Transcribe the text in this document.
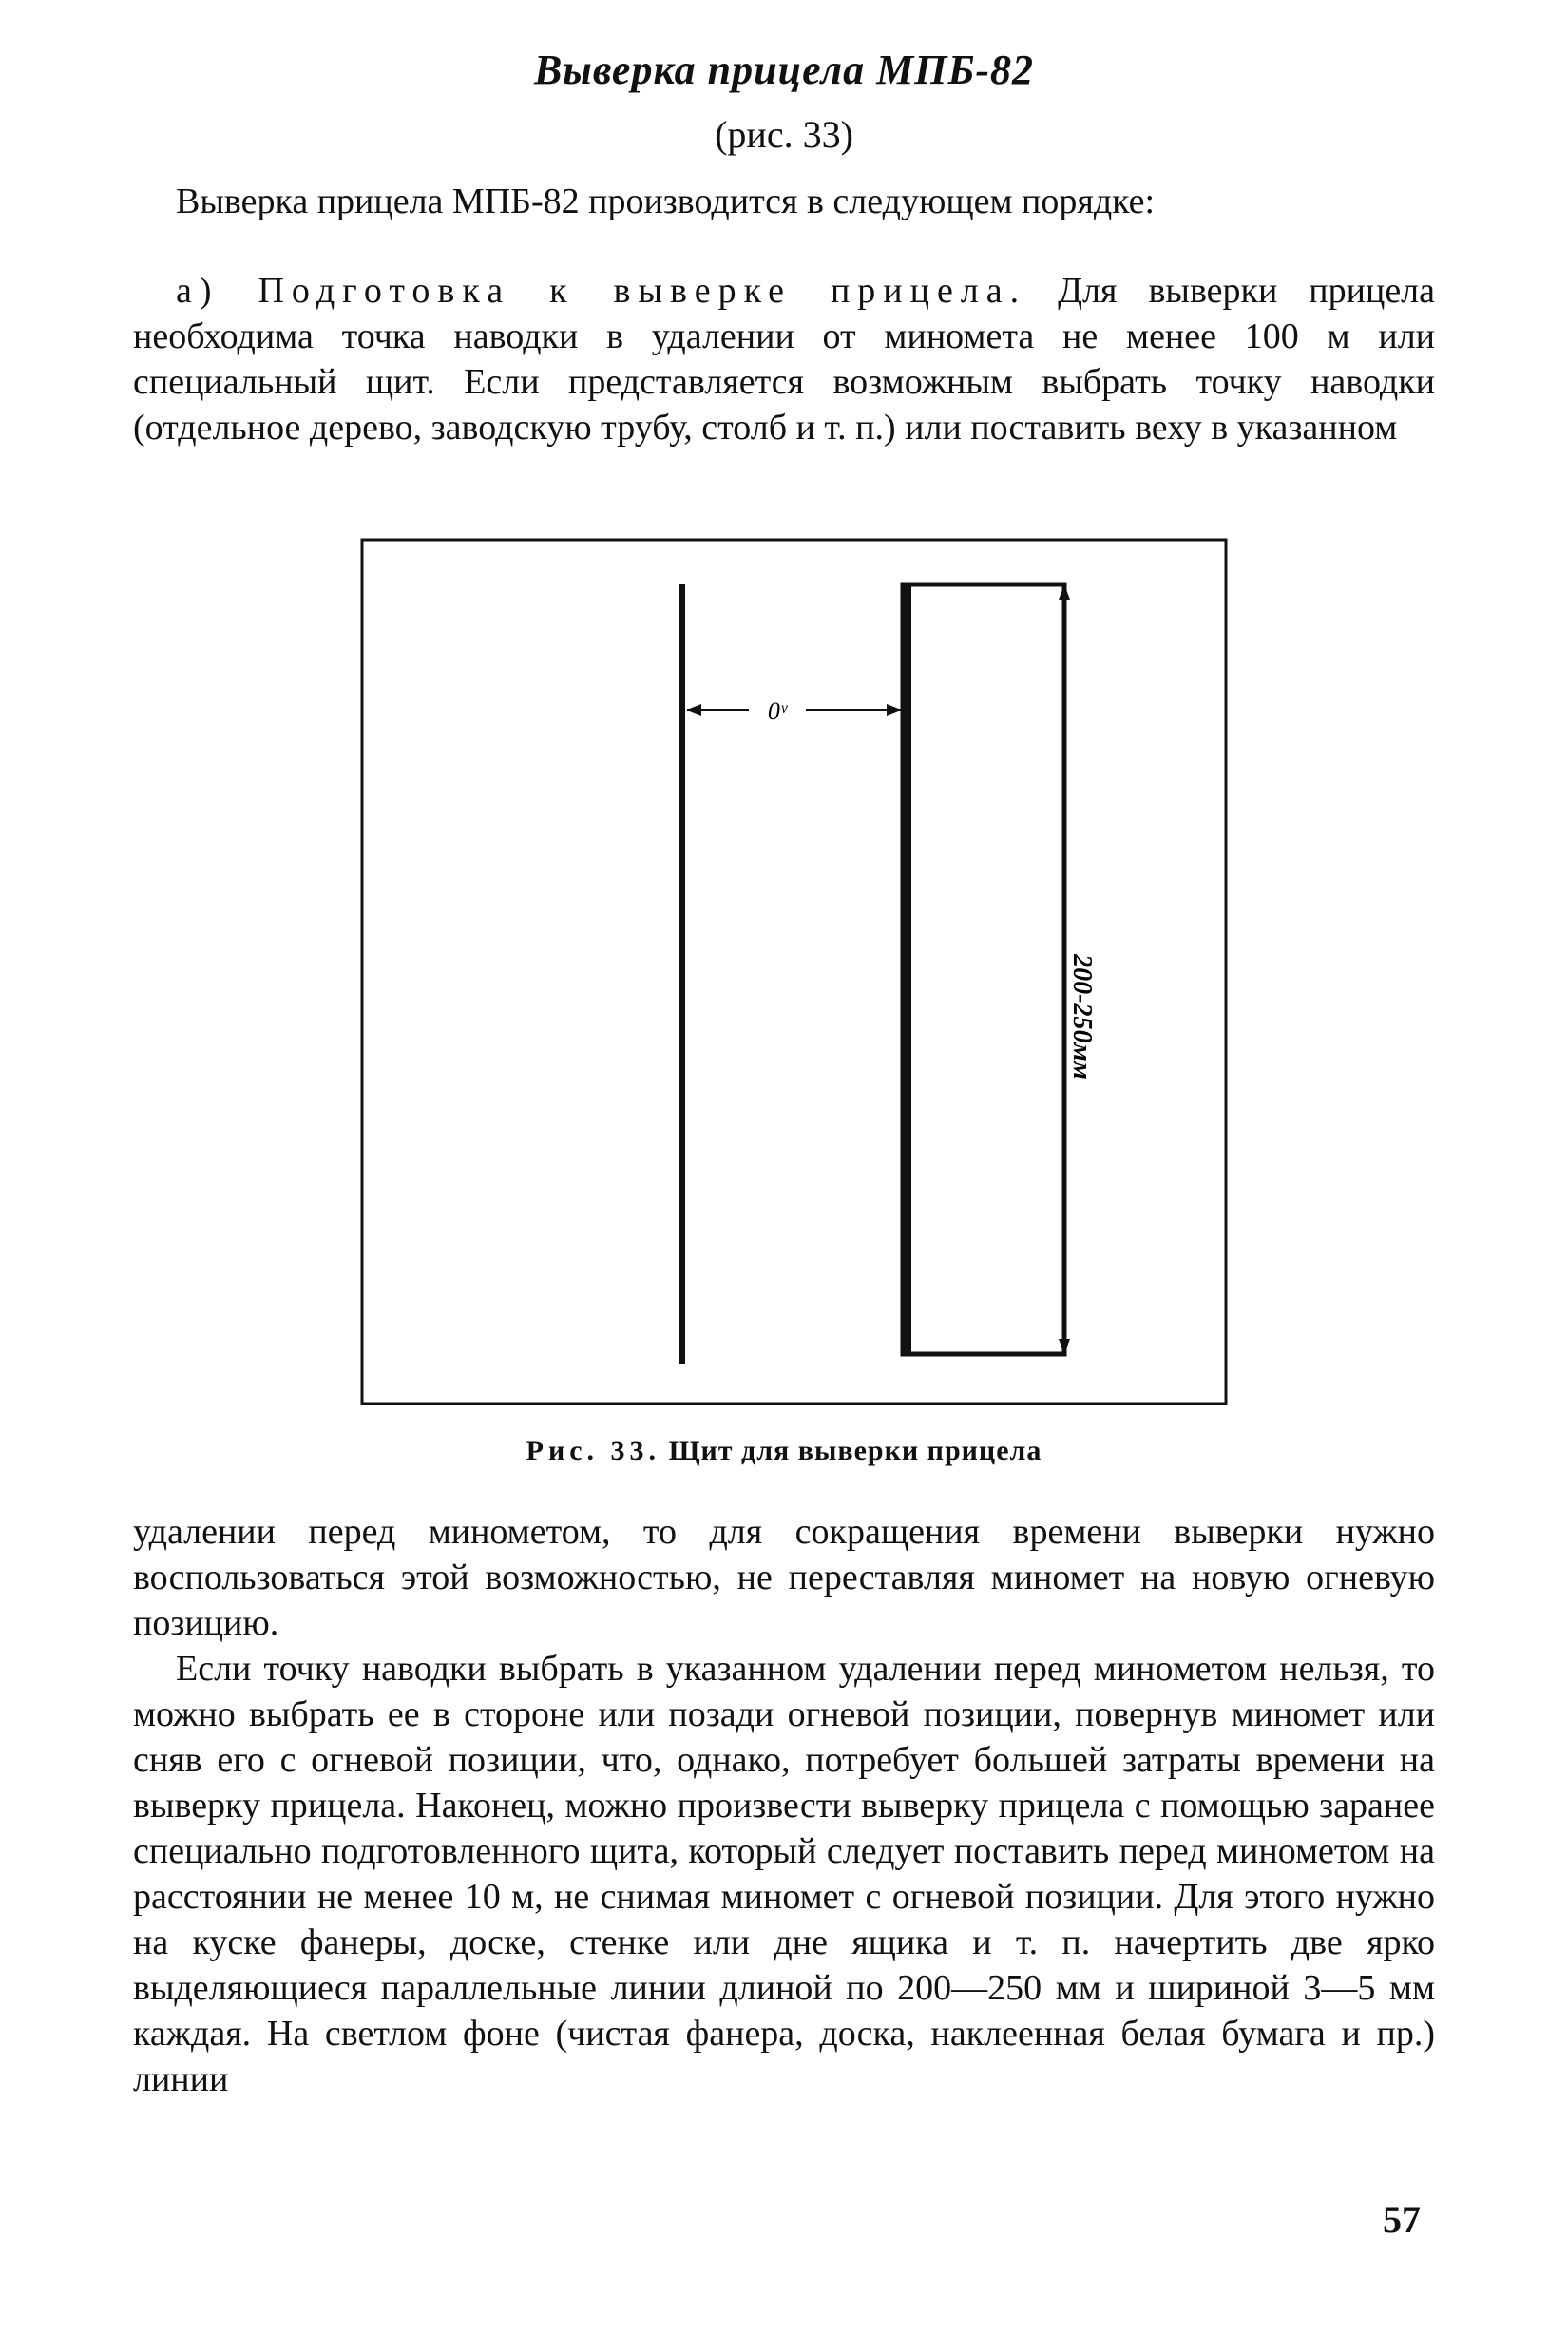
Выверка прицела МПБ-82
(рис. 33)

Выверка прицела МПБ-82 производится в следующем порядке:

а) Подготовка к выверке прицела. Для выверки прицела необходима точка наводки в удалении от миномета не менее 100 м или специальный щит. Если представляется возможным выбрать точку наводки (отдельное дерево, заводскую трубу, столб и т. п.) или поставить веху в указанном

0ᵛ
200-250мм
Рис. 33. Щит для выверки прицела

удалении перед минометом, то для сокращения времени выверки нужно воспользоваться этой возможностью, не переставляя миномет на новую огневую позицию.

Если точку наводки выбрать в указанном удалении перед минометом нельзя, то можно выбрать ее в стороне или позади огневой позиции, повернув миномет или сняв его с огневой позиции, что, однако, потребует большей затраты времени на выверку прицела. Наконец, можно произвести выверку прицела с помощью заранее специально подготовленного щита, который следует поставить перед минометом на расстоянии не менее 10 м, не снимая миномет с огневой позиции. Для этого нужно на куске фанеры, доске, стенке или дне ящика и т. п. начертить две ярко выделяющиеся параллельные линии длиной по 200—250 мм и шириной 3—5 мм каждая. На светлом фоне (чистая фанера, доска, наклеенная белая бумага и пр.) линии

57
